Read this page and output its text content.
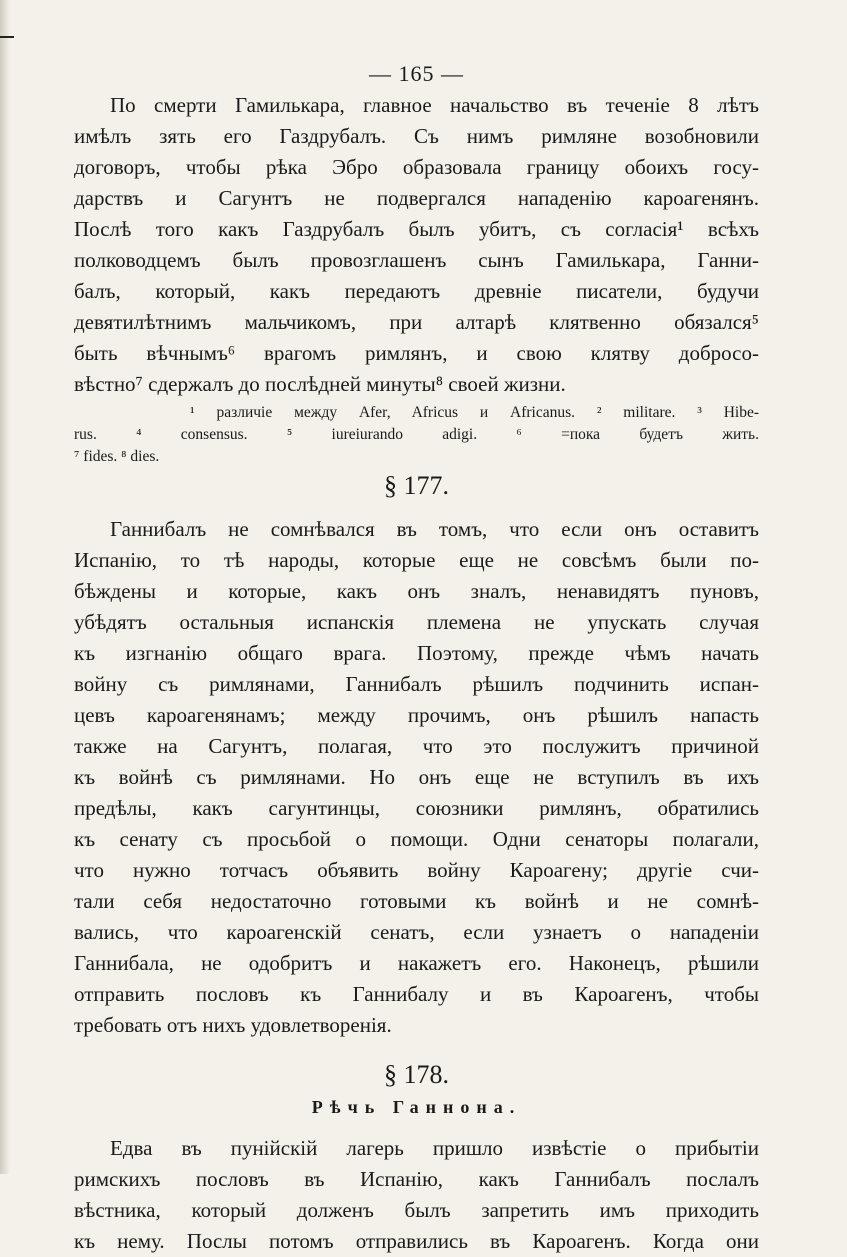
— 165 —
По смерти Гамилькара, главное начальство въ теченіе 8 лѣтъ
имѣлъ зять его Газдрубалъ. Съ нимъ римляне возобновили
договоръ, чтобы рѣка Эбро образовала границу обоихъ госу-
дарствъ и Сагунтъ не подвергался нападенію кароагенянъ.
Послѣ того какъ Газдрубалъ былъ убитъ, съ согласія¹ всѣхъ
полководцемъ былъ провозглашенъ сынъ Гамилькара, Ганни-
балъ, который, какъ передаютъ древніе писатели, будучи
девятилѣтнимъ мальчикомъ, при алтарѣ клятвенно обязался⁵
быть вѣчнымъ⁶ врагомъ римлянъ, и свою клятву добросо-
вѣстно⁷ сдержалъ до послѣдней минуты⁸ своей жизни.
¹ различіе между Afer, Africus и Africanus. ² militare. ³ Hibe-
rus. ⁴ consensus. ⁵ iureiurando adigi. ⁶ =пока будетъ жить.
⁷ fides. ⁸ dies.
§ 177.
Ганнибалъ не сомнѣвался въ томъ, что если онъ оставитъ
Испанію, то тѣ народы, которые еще не совсѣмъ были по-
бѣждены и которые, какъ онъ зналъ, ненавидятъ пуновъ,
убѣдятъ остальныя испанскія племена не упускать случая
къ изгнанію общаго врага. Поэтому, прежде чѣмъ начать
войну съ римлянами, Ганнибалъ рѣшилъ подчинить испан-
цевъ кароагенянамъ; между прочимъ, онъ рѣшилъ напасть
также на Сагунтъ, полагая, что это послужитъ причиной
къ войнѣ съ римлянами. Но онъ еще не вступилъ въ ихъ
предѣлы, какъ сагунтинцы, союзники римлянъ, обратились
къ сенату съ просьбой о помощи. Одни сенаторы полагали,
что нужно тотчасъ объявить войну Кароагену; другіе счи-
тали себя недостаточно готовыми къ войнѣ и не сомнѣ-
вались, что кароагенскій сенатъ, если узнаетъ о нападеніи
Ганнибала, не одобритъ и накажетъ его. Наконецъ, рѣшили
отправить пословъ къ Ганнибалу и въ Кароагенъ, чтобы
требовать отъ нихъ удовлетворенія.
§ 178.
Рѣчь Ганнона.
Едва въ пунійскій лагерь пришло извѣстіе о прибытіи
римскихъ пословъ въ Испанію, какъ Ганнибалъ послалъ
вѣстника, который долженъ былъ запретить имъ приходить
къ нему. Послы потомъ отправились въ Кароагенъ. Когда они
